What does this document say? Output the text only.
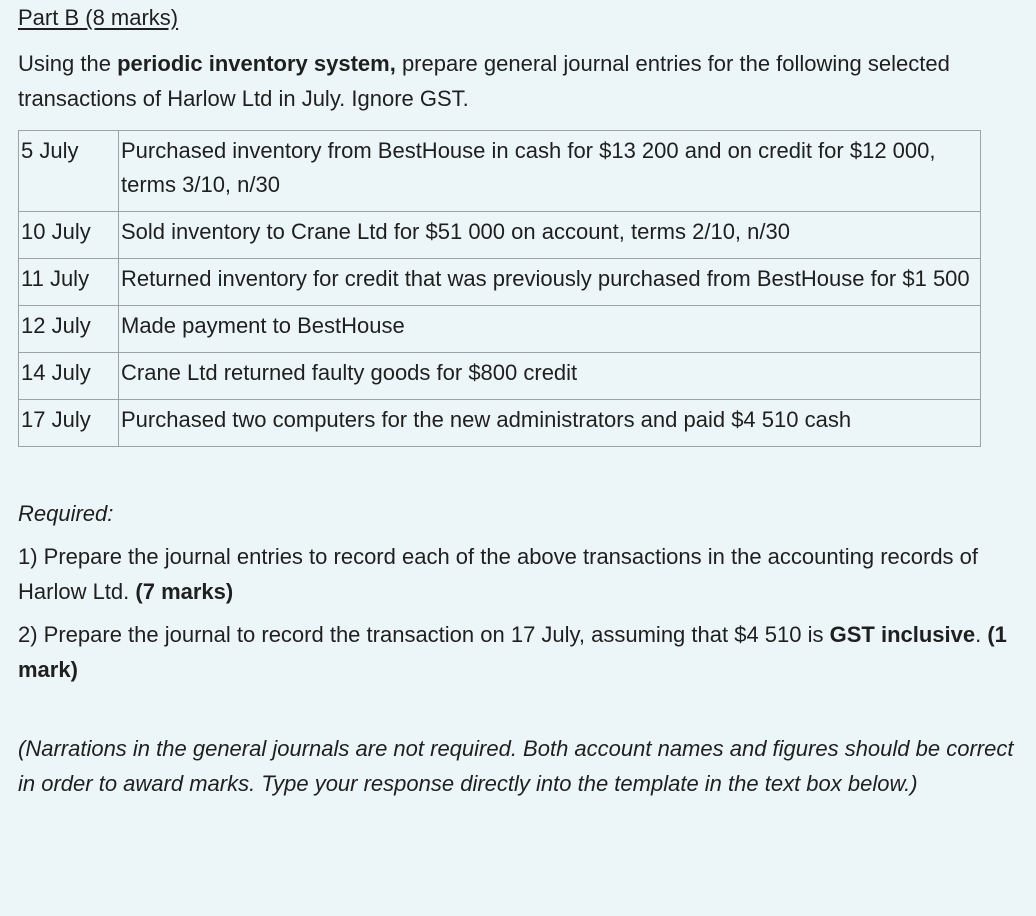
Part B (8 marks)

Using the periodic inventory system, prepare general journal entries for the following selected transactions of Harlow Ltd in July. Ignore GST.

5 July	Purchased inventory from BestHouse in cash for $13 200 and on credit for $12 000, terms 3/10, n/30
10 July	Sold inventory to Crane Ltd for $51 000 on account, terms 2/10, n/30
11 July	Returned inventory for credit that was previously purchased from BestHouse for $1 500
12 July	Made payment to BestHouse
14 July	Crane Ltd returned faulty goods for $800 credit
17 July	Purchased two computers for the new administrators and paid $4 510 cash

Required:

1) Prepare the journal entries to record each of the above transactions in the accounting records of Harlow Ltd. (7 marks)

2) Prepare the journal to record the transaction on 17 July, assuming that $4 510 is GST inclusive. (1 mark)

(Narrations in the general journals are not required. Both account names and figures should be correct in order to award marks. Type your response directly into the template in the text box below.)
